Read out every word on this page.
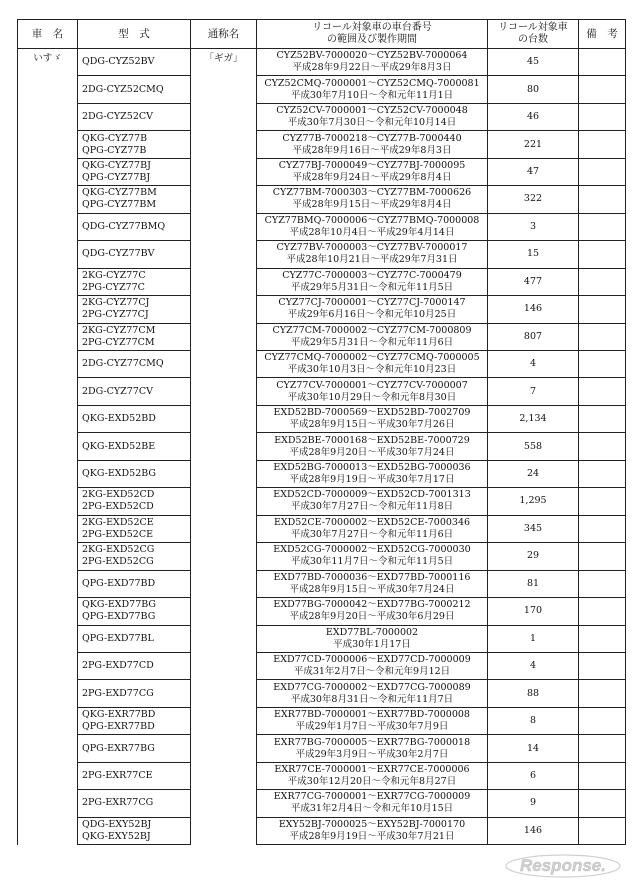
車　名	型　式	通称名	リコール対象車の車台番号
の範囲及び製作期間	リコール対象車
の台数	備　考
いすゞ	QDG-CYZ52BV	「ギガ」	CYZ52BV-7000020～CYZ52BV-7000064
平成28年9月22日～平成29年8月3日	45	

	2DG-CYZ52CMQ		CYZ52CMQ-7000001～CYZ52CMQ-7000081
平成30年7月10日～令和元年11月1日	80	

	2DG-CYZ52CV		CYZ52CV-7000001～CYZ52CV-7000048
平成30年7月30日～令和元年10月14日	46	

	QKG-CYZ77B
QPG-CYZ77B		CYZ77B-7000218～CYZ77B-7000440
平成28年9月16日～平成29年8月3日	221	

	QKG-CYZ77BJ
QPG-CYZ77BJ		CYZ77BJ-7000049～CYZ77BJ-7000095
平成28年9月24日～平成29年8月4日	47	

	QKG-CYZ77BM
QPG-CYZ77BM		CYZ77BM-7000303～CYZ77BM-7000626
平成28年9月15日～平成29年8月4日	322	

	QDG-CYZ77BMQ		CYZ77BMQ-7000006～CYZ77BMQ-7000008
平成28年10月4日～平成29年4月14日	3	

	QDG-CYZ77BV		CYZ77BV-7000003～CYZ77BV-7000017
平成28年10月21日～平成29年7月31日	15	

	2KG-CYZ77C
2PG-CYZ77C		CYZ77C-7000003～CYZ77C-7000479
平成29年5月31日～令和元年11月5日	477	

	2KG-CYZ77CJ
2PG-CYZ77CJ		CYZ77CJ-7000001～CYZ77CJ-7000147
平成29年6月16日～令和元年10月25日	146	

	2KG-CYZ77CM
2PG-CYZ77CM		CYZ77CM-7000002～CYZ77CM-7000809
平成29年5月31日～令和元年11月6日	807	

	2DG-CYZ77CMQ		CYZ77CMQ-7000002～CYZ77CMQ-7000005
平成30年10月3日～令和元年10月23日	4	

	2DG-CYZ77CV		CYZ77CV-7000001～CYZ77CV-7000007
平成30年10月29日～令和元年8月30日	7	

	QKG-EXD52BD		EXD52BD-7000569～EXD52BD-7002709
平成28年9月15日～平成30年7月26日	2,134	

	QKG-EXD52BE		EXD52BE-7000168～EXD52BE-7000729
平成28年9月20日～平成30年7月24日	558	

	QKG-EXD52BG		EXD52BG-7000013～EXD52BG-7000036
平成28年9月19日～平成30年7月17日	24	

	2KG-EXD52CD
2PG-EXD52CD		EXD52CD-7000009～EXD52CD-7001313
平成30年7月27日～令和元年11月8日	1,295	

	2KG-EXD52CE
2PG-EXD52CE		EXD52CE-7000002～EXD52CE-7000346
平成30年7月27日～令和元年11月6日	345	

	2KG-EXD52CG
2PG-EXD52CG		EXD52CG-7000002～EXD52CG-7000030
平成30年11月7日～令和元年11月5日	29	

	QPG-EXD77BD		EXD77BD-7000036～EXD77BD-7000116
平成28年9月15日～平成30年7月24日	81	

	QKG-EXD77BG
QPG-EXD77BG		EXD77BG-7000042～EXD77BG-7000212
平成28年9月20日～平成30年6月29日	170	

	QPG-EXD77BL		EXD77BL-7000002
平成30年1月17日	1	

	2PG-EXD77CD		EXD77CD-7000006～EXD77CD-7000009
平成31年2月7日～令和元年9月12日	4	

	2PG-EXD77CG		EXD77CG-7000002～EXD77CG-7000089
平成30年8月31日～令和元年11月7日	88	

	QKG-EXR77BD
QPG-EXR77BD		EXR77BD-7000001～EXR77BD-7000008
平成29年1月7日～平成30年7月9日	8	

	QPG-EXR77BG		EXR77BG-7000005～EXR77BG-7000018
平成29年3月9日～平成30年2月7日	14	

	2PG-EXR77CE		EXR77CE-7000001～EXR77CE-7000006
平成30年12月20日～令和元年8月27日	6	

	2PG-EXR77CG		EXR77CG-7000001～EXR77CG-7000009
平成31年2月4日～令和元年10月15日	9	

	QDG-EXY52BJ
QKG-EXY52BJ		EXY52BJ-7000025～EXY52BJ-7000170
平成28年9月19日～平成30年7月21日	146	
Response.
